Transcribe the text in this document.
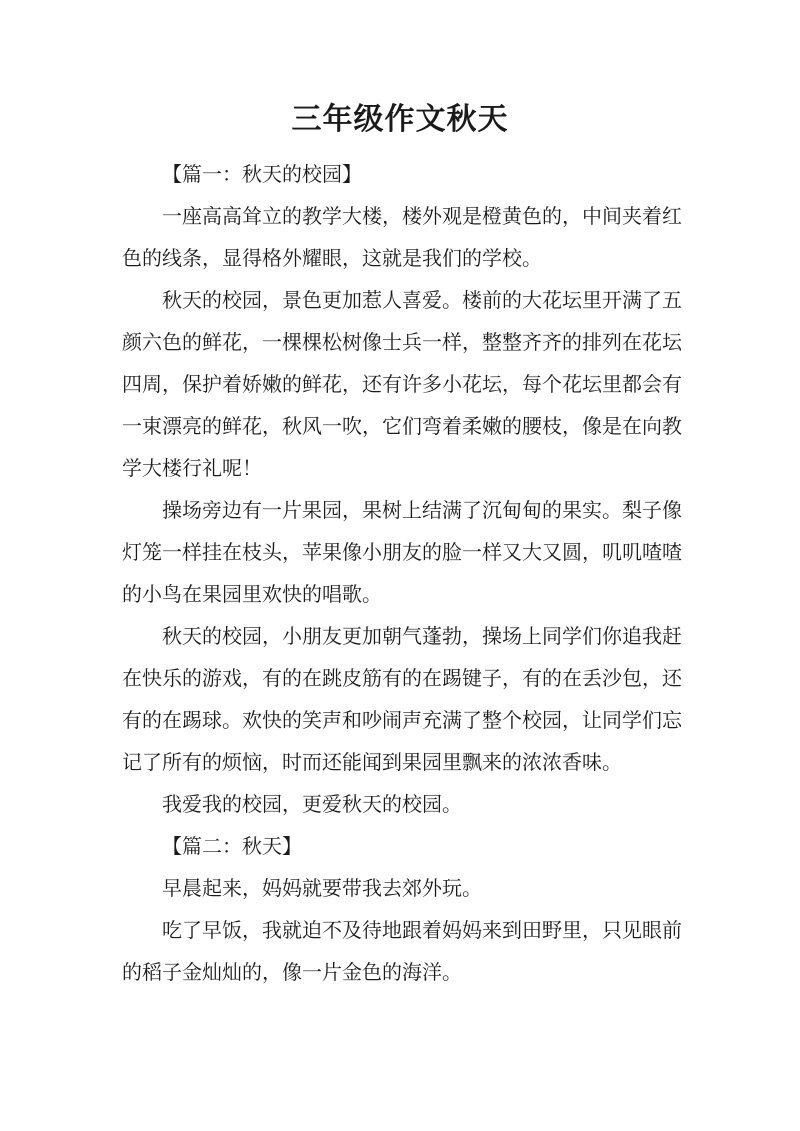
三年级作文秋天

【篇一：秋天的校园】

一座高高耸立的教学大楼，楼外观是橙黄色的，中间夹着红色的线条，显得格外耀眼，这就是我们的学校。

秋天的校园，景色更加惹人喜爱。楼前的大花坛里开满了五颜六色的鲜花，一棵棵松树像士兵一样，整整齐齐的排列在花坛四周，保护着娇嫩的鲜花，还有许多小花坛，每个花坛里都会有一束漂亮的鲜花，秋风一吹，它们弯着柔嫩的腰枝，像是在向教学大楼行礼呢！

操场旁边有一片果园，果树上结满了沉甸甸的果实。梨子像灯笼一样挂在枝头，苹果像小朋友的脸一样又大又圆，叽叽喳喳的小鸟在果园里欢快的唱歌。

秋天的校园，小朋友更加朝气蓬勃，操场上同学们你追我赶在快乐的游戏，有的在跳皮筋有的在踢键子，有的在丢沙包，还有的在踢球。欢快的笑声和吵闹声充满了整个校园，让同学们忘记了所有的烦恼，时而还能闻到果园里飘来的浓浓香味。

我爱我的校园，更爱秋天的校园。

【篇二：秋天】

早晨起来，妈妈就要带我去郊外玩。

吃了早饭，我就迫不及待地跟着妈妈来到田野里，只见眼前的稻子金灿灿的，像一片金色的海洋。
